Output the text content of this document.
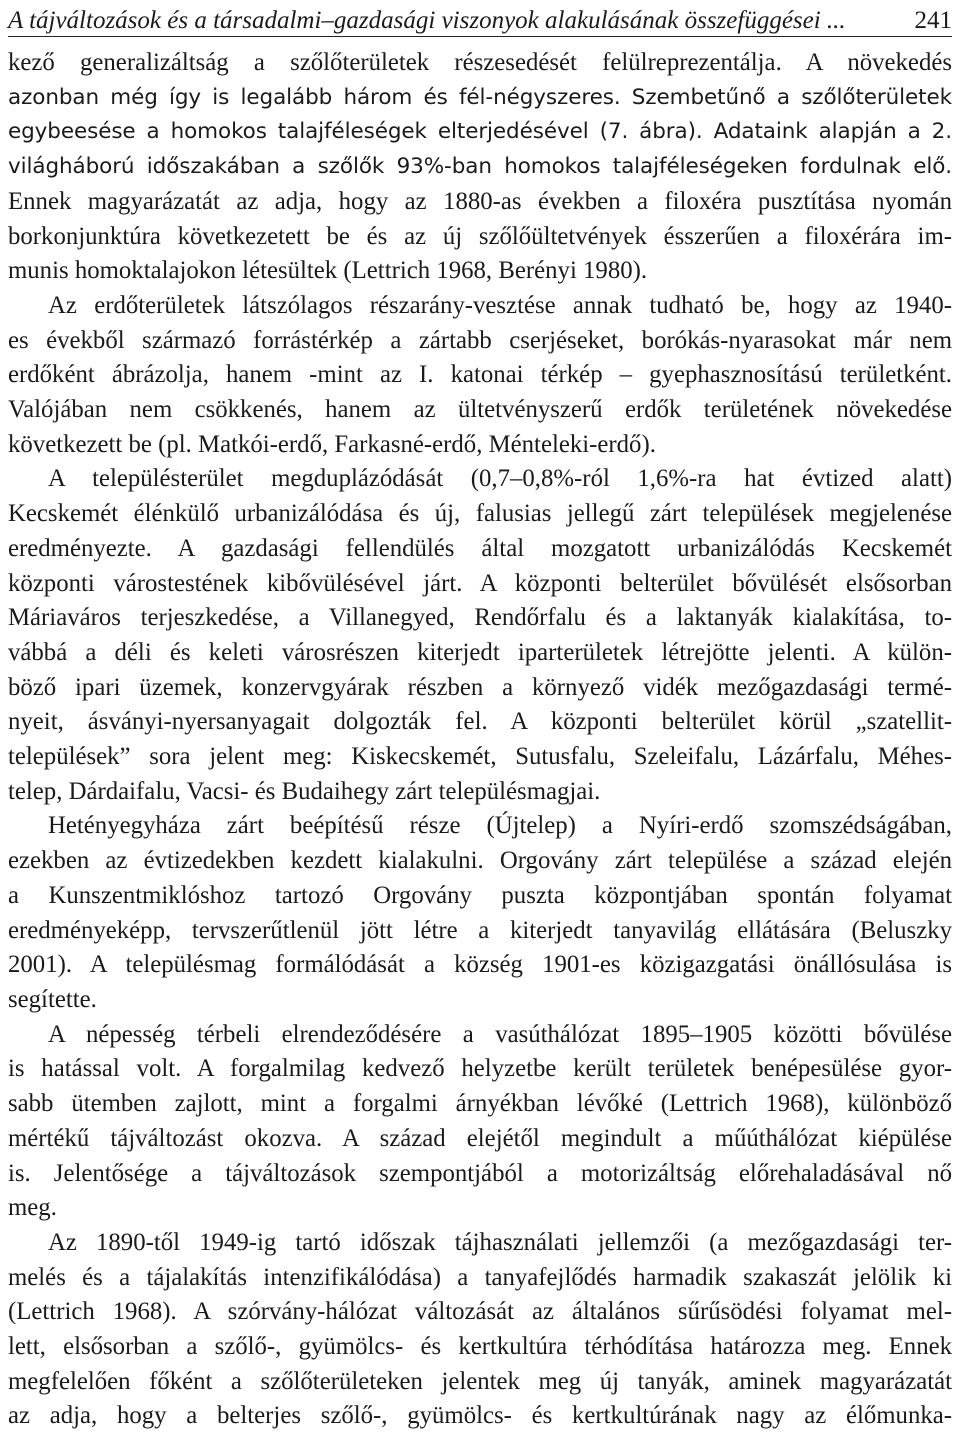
A tájváltozások és a társadalmi–gazdasági viszonyok alakulásának összefüggései ...	241

kező generalizáltság a szőlőterületek részesedését felülreprezentálja. A növekedés
azonban még így is legalább három és fél-négyszeres. Szembetűnő a szőlőterületek
egybeesése a homokos talajféleségek elterjedésével (7. ábra). Adataink alapján a 2.
világháború időszakában a szőlők 93%-ban homokos talajféleségeken fordulnak elő.
Ennek magyarázatát az adja, hogy az 1880-as években a filoxéra pusztítása nyomán
borkonjunktúra következetett be és az új szőlőültetvények ésszerűen a filoxérára im-
munis homoktalajokon létesültek (Lettrich 1968, Berényi 1980).

Az erdőterületek látszólagos részarány-vesztése annak tudható be, hogy az 1940-
es évekből származó forrástérkép a zártabb cserjéseket, borókás-nyarasokat már nem
erdőként ábrázolja, hanem -mint az I. katonai térkép – gyephasznosítású területként.
Valójában nem csökkenés, hanem az ültetvényszerű erdők területének növekedése
következett be (pl. Matkói-erdő, Farkasné-erdő, Ménteleki-erdő).

A településterület megduplázódását (0,7–0,8%-ról 1,6%-ra hat évtized alatt)
Kecskemét élénkülő urbanizálódása és új, falusias jellegű zárt települések megjelenése
eredményezte. A gazdasági fellendülés által mozgatott urbanizálódás Kecskemét
központi várostestének kibővülésével járt. A központi belterület bővülését elsősorban
Máriaváros terjeszkedése, a Villanegyed, Rendőrfalu és a laktanyák kialakítása, to-
vábbá a déli és keleti városrészen kiterjedt iparterületek létrejötte jelenti. A külön-
böző ipari üzemek, konzervgyárak részben a környező vidék mezőgazdasági termé-
nyeit, ásványi-nyersanyagait dolgozták fel. A központi belterület körül „szatellit-
települések” sora jelent meg: Kiskecskemét, Sutusfalu, Szeleifalu, Lázárfalu, Méhes-
telep, Dárdaifalu, Vacsi- és Budaihegy zárt településmagjai.

Hetényegyháza zárt beépítésű része (Újtelep) a Nyíri-erdő szomszédságában,
ezekben az évtizedekben kezdett kialakulni. Orgovány zárt települése a század elején
a Kunszentmiklóshoz tartozó Orgovány puszta központjában spontán folyamat
eredményeképp, tervszerűtlenül jött létre a kiterjedt tanyavilág ellátására (Beluszky
2001). A településmag formálódását a község 1901-es közigazgatási önállósulása is
segítette.

A népesség térbeli elrendeződésére a vasúthálózat 1895–1905 közötti bővülése
is hatással volt. A forgalmilag kedvező helyzetbe került területek benépesülése gyor-
sabb ütemben zajlott, mint a forgalmi árnyékban lévőké (Lettrich 1968), különböző
mértékű tájváltozást okozva. A század elejétől megindult a műúthálózat kiépülése
is. Jelentősége a tájváltozások szempontjából a motorizáltság előrehaladásával nő
meg.

Az 1890-től 1949-ig tartó időszak tájhasználati jellemzői (a mezőgazdasági ter-
melés és a tájalakítás intenzifikálódása) a tanyafejlődés harmadik szakaszát jelölik ki
(Lettrich 1968). A szórvány-hálózat változását az általános sűrűsödési folyamat mel-
lett, elsősorban a szőlő-, gyümölcs- és kertkultúra térhódítása határozza meg. Ennek
megfelelően főként a szőlőterületeken jelentek meg új tanyák, aminek magyarázatát
az adja, hogy a belterjes szőlő-, gyümölcs- és kertkultúrának nagy az élőmunka-
